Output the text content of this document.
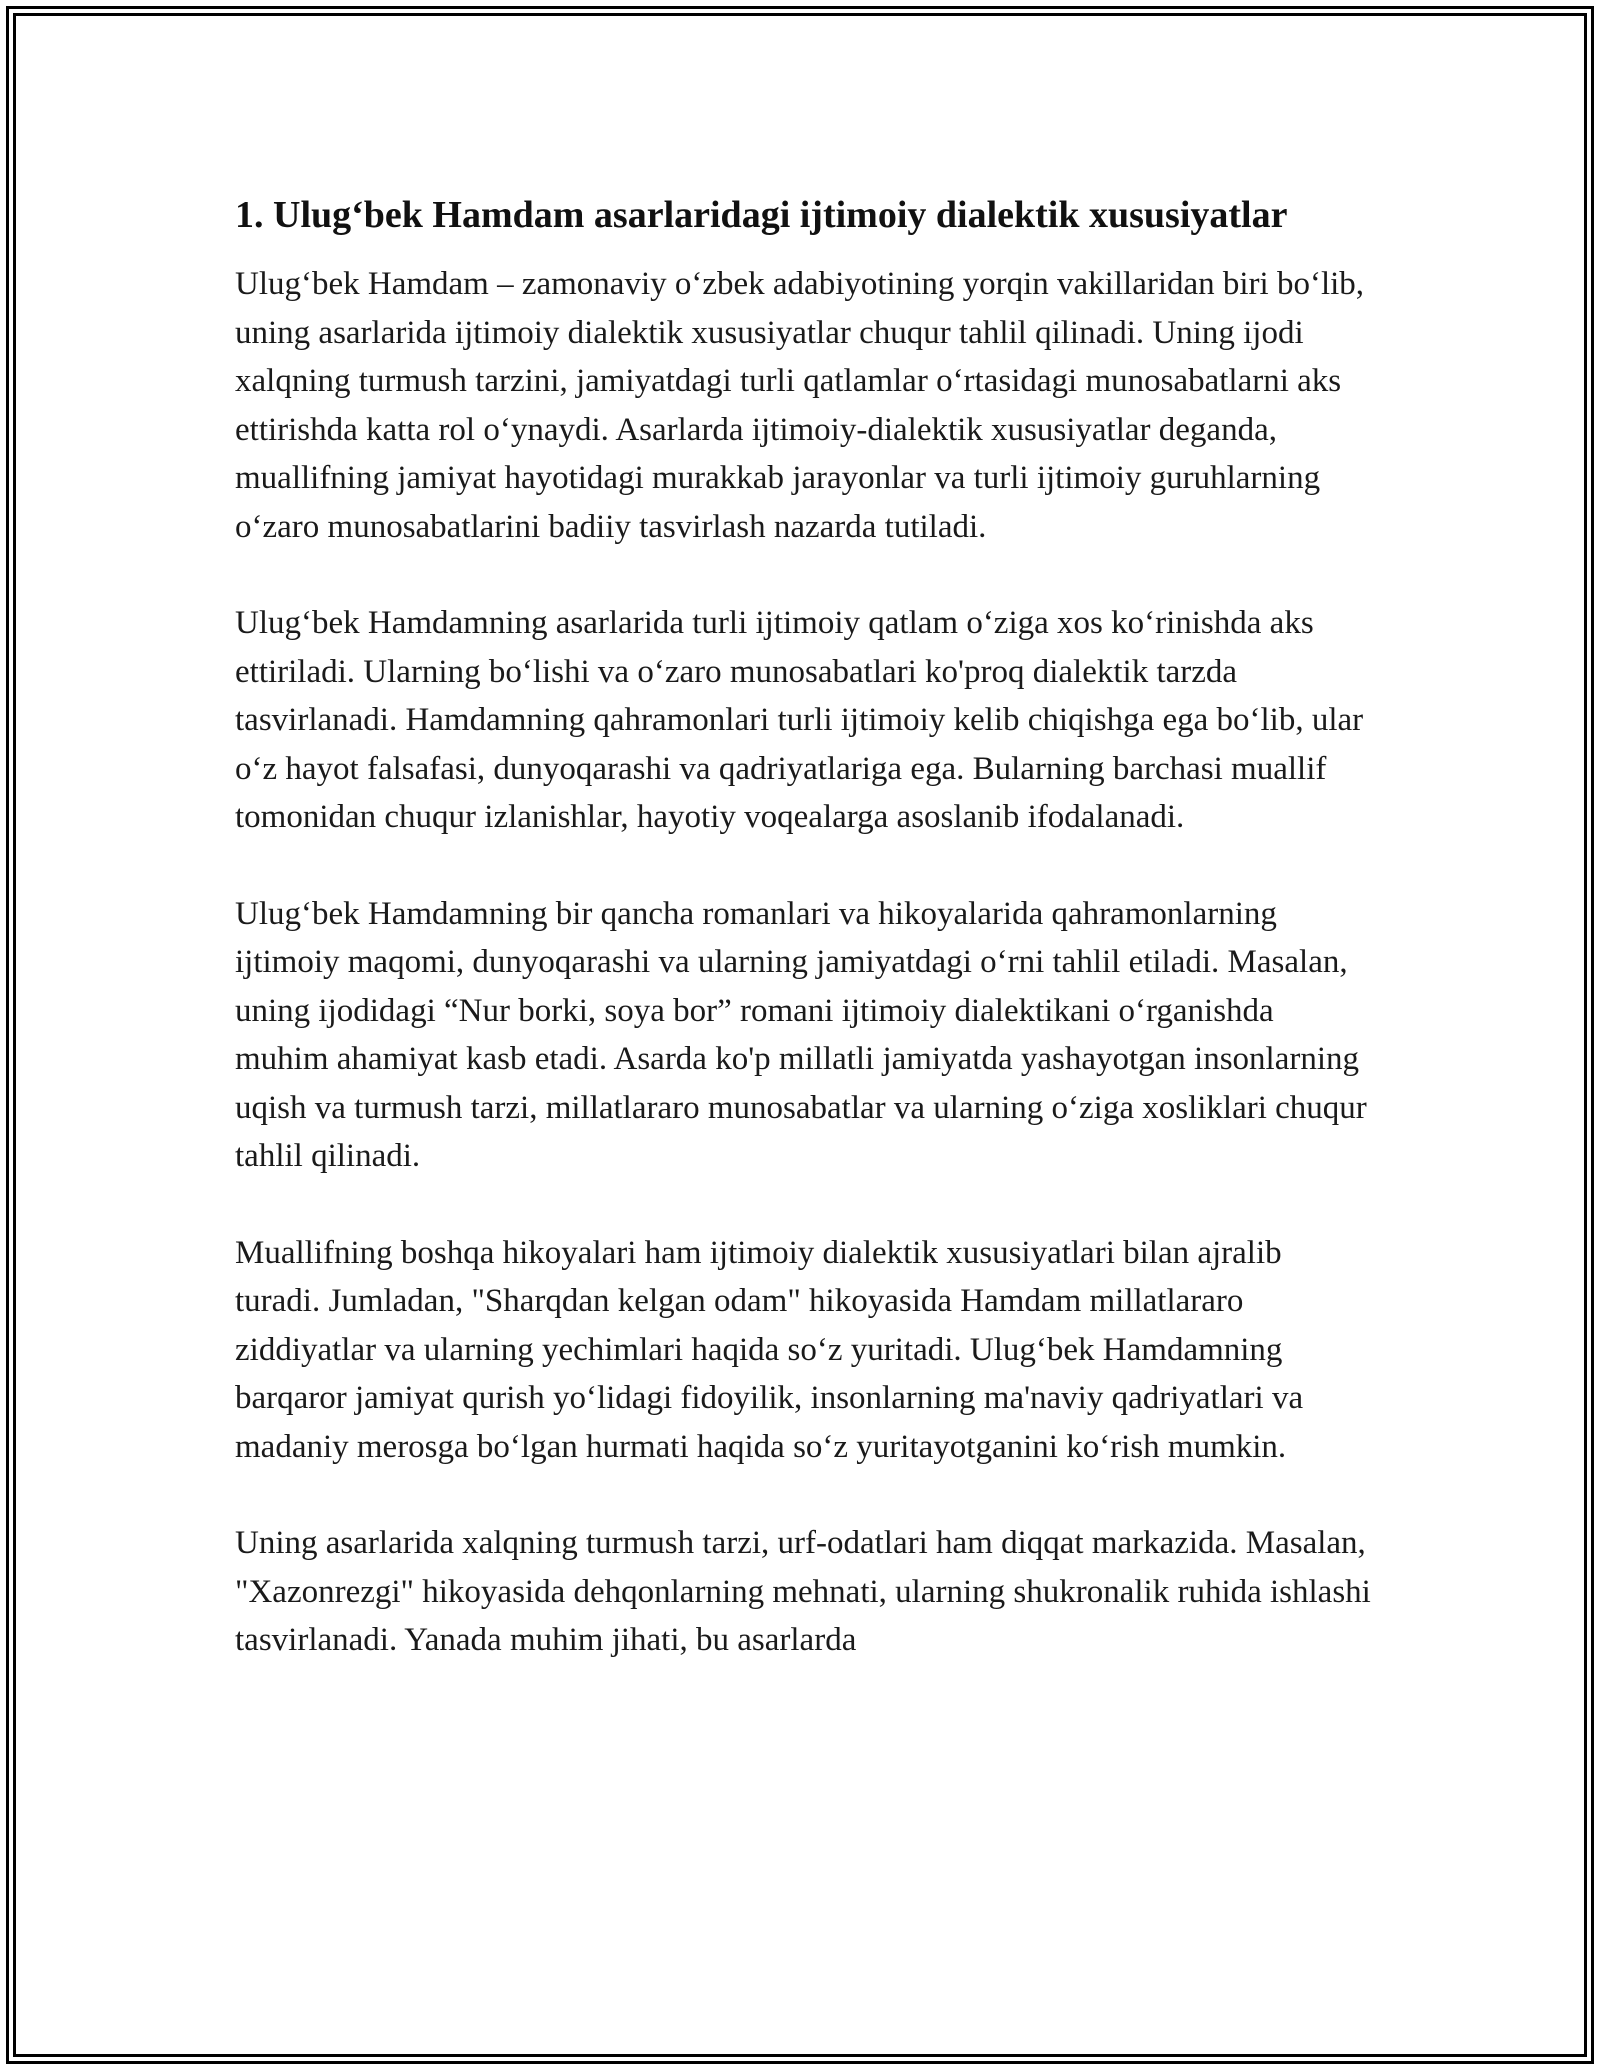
1. Ulug‘bek Hamdam asarlaridagi ijtimoiy dialektik xususiyatlar

Ulug‘bek Hamdam – zamonaviy o‘zbek adabiyotining yorqin vakillaridan biri bo‘lib, uning asarlarida ijtimoiy dialektik xususiyatlar chuqur tahlil qilinadi. Uning ijodi xalqning turmush tarzini, jamiyatdagi turli qatlamlar o‘rtasidagi munosabatlarni aks ettirishda katta rol o‘ynaydi. Asarlarda ijtimoiy-dialektik xususiyatlar deganda, muallifning jamiyat hayotidagi murakkab jarayonlar va turli ijtimoiy guruhlarning o‘zaro munosabatlarini badiiy tasvirlash nazarda tutiladi.

Ulug‘bek Hamdamning asarlarida turli ijtimoiy qatlam o‘ziga xos ko‘rinishda aks ettiriladi. Ularning bo‘lishi va o‘zaro munosabatlari ko'proq dialektik tarzda tasvirlanadi. Hamdamning qahramonlari turli ijtimoiy kelib chiqishga ega bo‘lib, ular o‘z hayot falsafasi, dunyoqarashi va qadriyatlariga ega. Bularning barchasi muallif tomonidan chuqur izlanishlar, hayotiy voqealarga asoslanib ifodalanadi.

Ulug‘bek Hamdamning bir qancha romanlari va hikoyalarida qahramonlarning ijtimoiy maqomi, dunyoqarashi va ularning jamiyatdagi o‘rni tahlil etiladi. Masalan, uning ijodidagi “Nur borki, soya bor” romani ijtimoiy dialektikani o‘rganishda muhim ahamiyat kasb etadi. Asarda ko'p millatli jamiyatda yashayotgan insonlarning uqish va turmush tarzi, millatlararo munosabatlar va ularning o‘ziga xosliklari chuqur tahlil qilinadi.

Muallifning boshqa hikoyalari ham ijtimoiy dialektik xususiyatlari bilan ajralib turadi. Jumladan, "Sharqdan kelgan odam" hikoyasida Hamdam millatlararo ziddiyatlar va ularning yechimlari haqida so‘z yuritadi. Ulug‘bek Hamdamning barqaror jamiyat qurish yo‘lidagi fidoyilik, insonlarning ma'naviy qadriyatlari va madaniy merosga bo‘lgan hurmati haqida so‘z yuritayotganini ko‘rish mumkin.

Uning asarlarida xalqning turmush tarzi, urf-odatlari ham diqqat markazida. Masalan, "Xazonrezgi" hikoyasida dehqonlarning mehnati, ularning shukronalik ruhida ishlashi tasvirlanadi. Yanada muhim jihati, bu asarlarda
